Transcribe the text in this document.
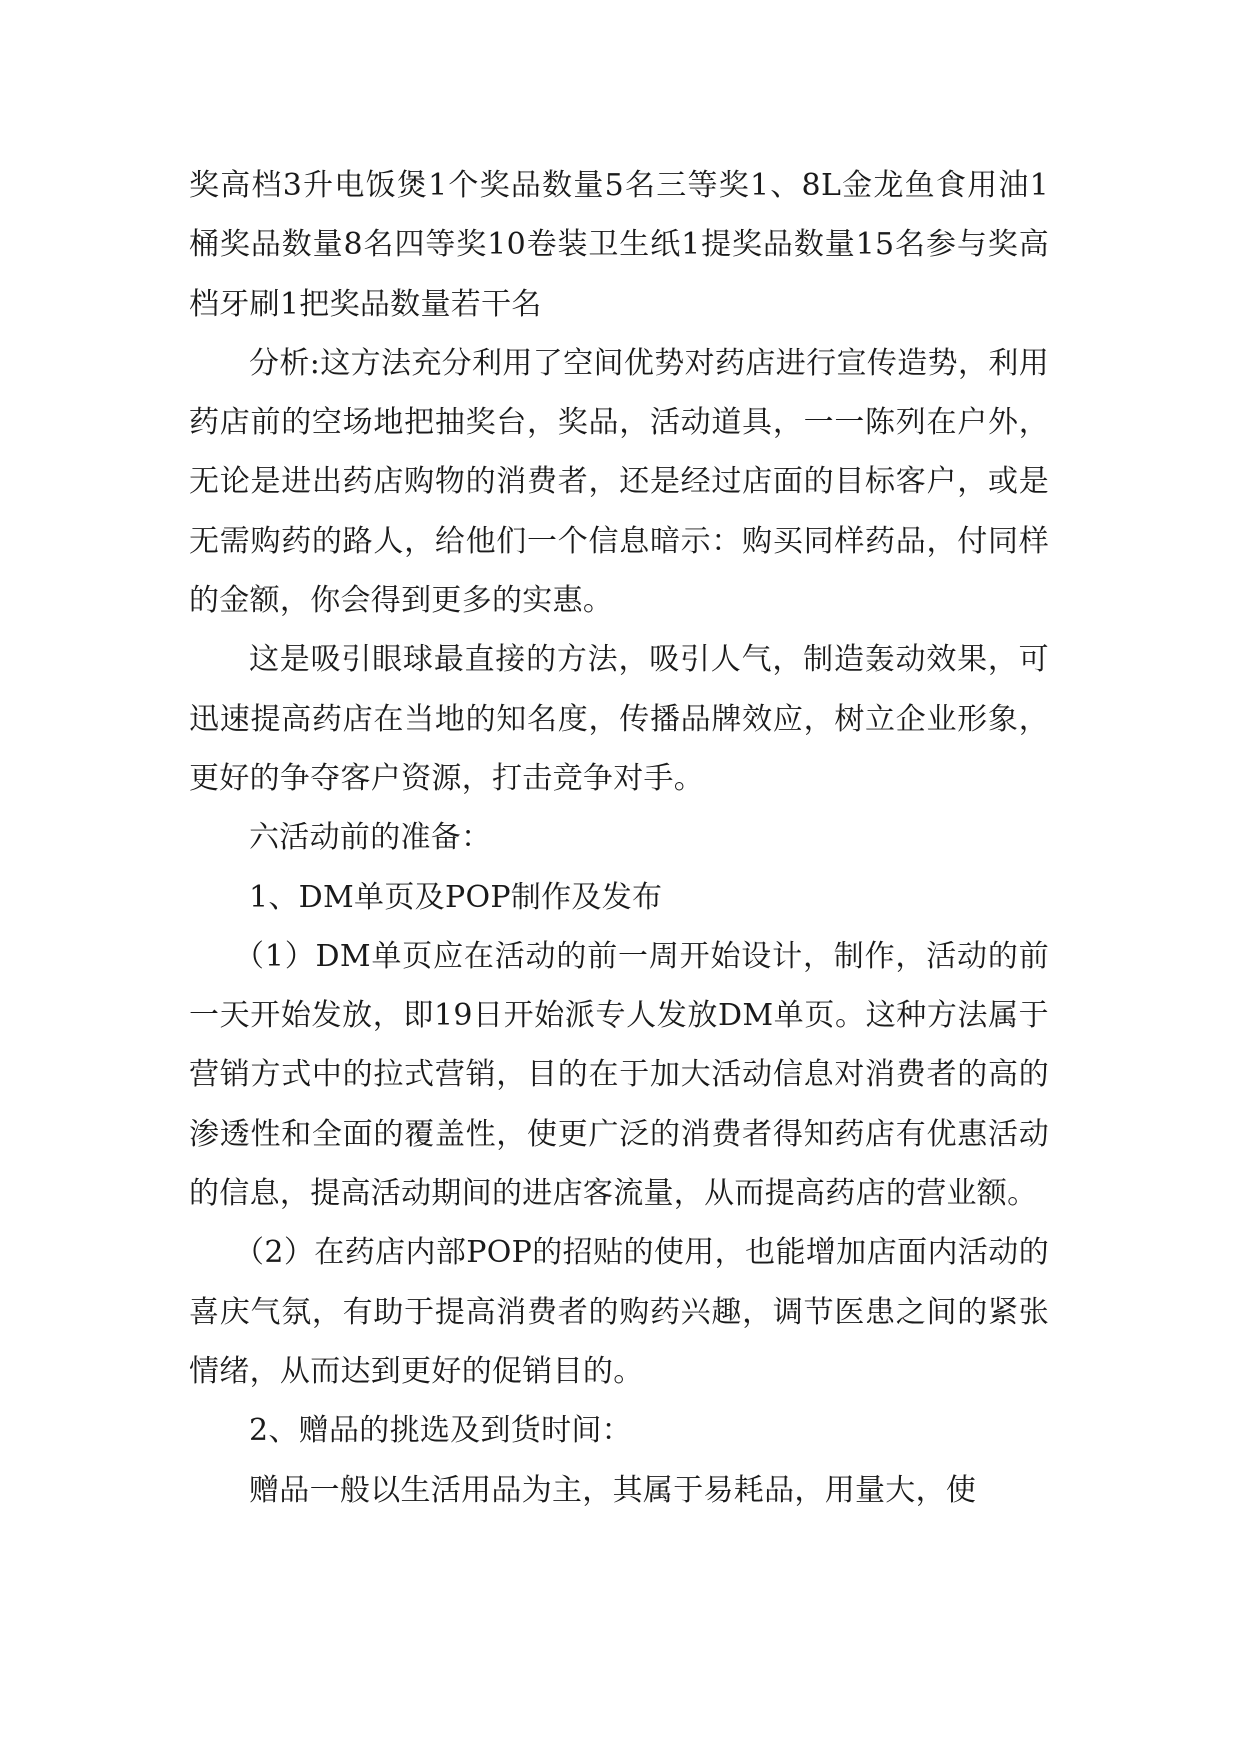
奖高档3升电饭煲1个奖品数量5名三等奖1、8L金龙鱼食用油1桶奖品数量8名四等奖10卷装卫生纸1提奖品数量15名参与奖高档牙刷1把奖品数量若干名

分析:这方法充分利用了空间优势对药店进行宣传造势，利用药店前的空场地把抽奖台，奖品，活动道具，一一陈列在户外，无论是进出药店购物的消费者，还是经过店面的目标客户，或是无需购药的路人，给他们一个信息暗示：购买同样药品，付同样的金额，你会得到更多的实惠。

这是吸引眼球最直接的方法，吸引人气，制造轰动效果，可迅速提高药店在当地的知名度，传播品牌效应，树立企业形象，更好的争夺客户资源，打击竞争对手。

六活动前的准备：

1、DM单页及POP制作及发布

（1）DM单页应在活动的前一周开始设计，制作，活动的前一天开始发放，即19日开始派专人发放DM单页。这种方法属于营销方式中的拉式营销，目的在于加大活动信息对消费者的高的渗透性和全面的覆盖性，使更广泛的消费者得知药店有优惠活动的信息，提高活动期间的进店客流量，从而提高药店的营业额。

（2）在药店内部POP的招贴的使用，也能增加店面内活动的喜庆气氛，有助于提高消费者的购药兴趣，调节医患之间的紧张情绪，从而达到更好的促销目的。

2、赠品的挑选及到货时间：

赠品一般以生活用品为主，其属于易耗品，用量大，使
